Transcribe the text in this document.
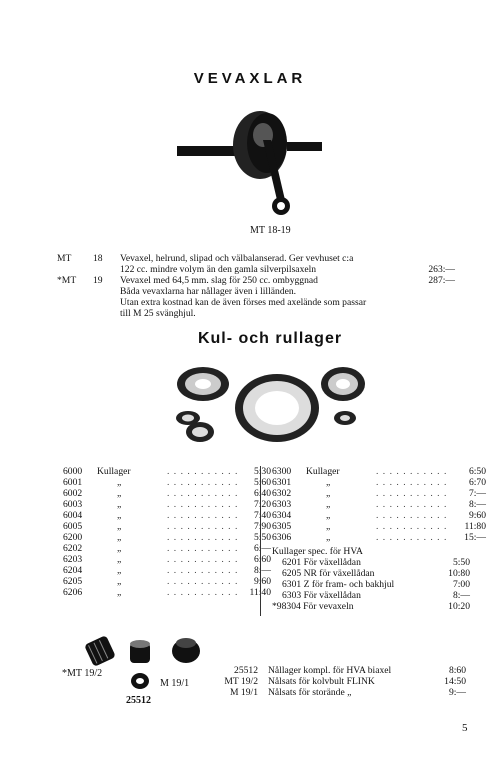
VEVAXLAR
MT 18-19
MT 18 Vevaxel, helrund, slipad och välbalanserad. Ger vevhuset c:a
122 cc. mindre volym än den gamla silverpilsaxeln	263:—
*MT 19 Vevaxel med 64,5 mm. slag för 250 cc. ombyggnad	287:—
Båda vevaxlarna har nållager även i lilländen.
Utan extra kostnad kan de även förses med axelände som passar
till M 25 svänghjul.
Kul- och rullager
6000	Kullager	. . . . . . . . . . .	5:30
6001	„	. . . . . . . . . . .	5:60
6002	„	. . . . . . . . . . .	6:40
6003	„	. . . . . . . . . . .	7:20
6004	„	. . . . . . . . . . .	7:40
6005	„	. . . . . . . . . . .	7:90
6200	„	. . . . . . . . . . .	5:50
6202	„	. . . . . . . . . . .	6:—
6203	„	. . . . . . . . . . .	6:60
6204	„	. . . . . . . . . . .	8:—
6205	„	. . . . . . . . . . .	9:60
6206	„	. . . . . . . . . . .	11:40
6300	Kullager	. . . . . . . . . . .	6:50
6301	„	. . . . . . . . . . .	6:70
6302	„	. . . . . . . . . . .	7:—
6303	„	. . . . . . . . . . .	8:—
6304	„	. . . . . . . . . . .	9:60
6305	„	. . . . . . . . . . .	11:80
6306	„	. . . . . . . . . . .	15:—
Kullager spec. för HVA
6201 För växellådan	5:50
6205 NR för växellådan	10:80
6301 Z för fram- och bakhjul	7:00
6303 För växellådan	8:—
*98304 För vevaxeln	10:20
*MT 19/2
M 19/1
25512
25512	Nållager kompl. för HVA biaxel	8:60
MT 19/2	Nålsats för kolvbult FLINK	14:50
M 19/1	Nålsats för storände „	9:—
5
